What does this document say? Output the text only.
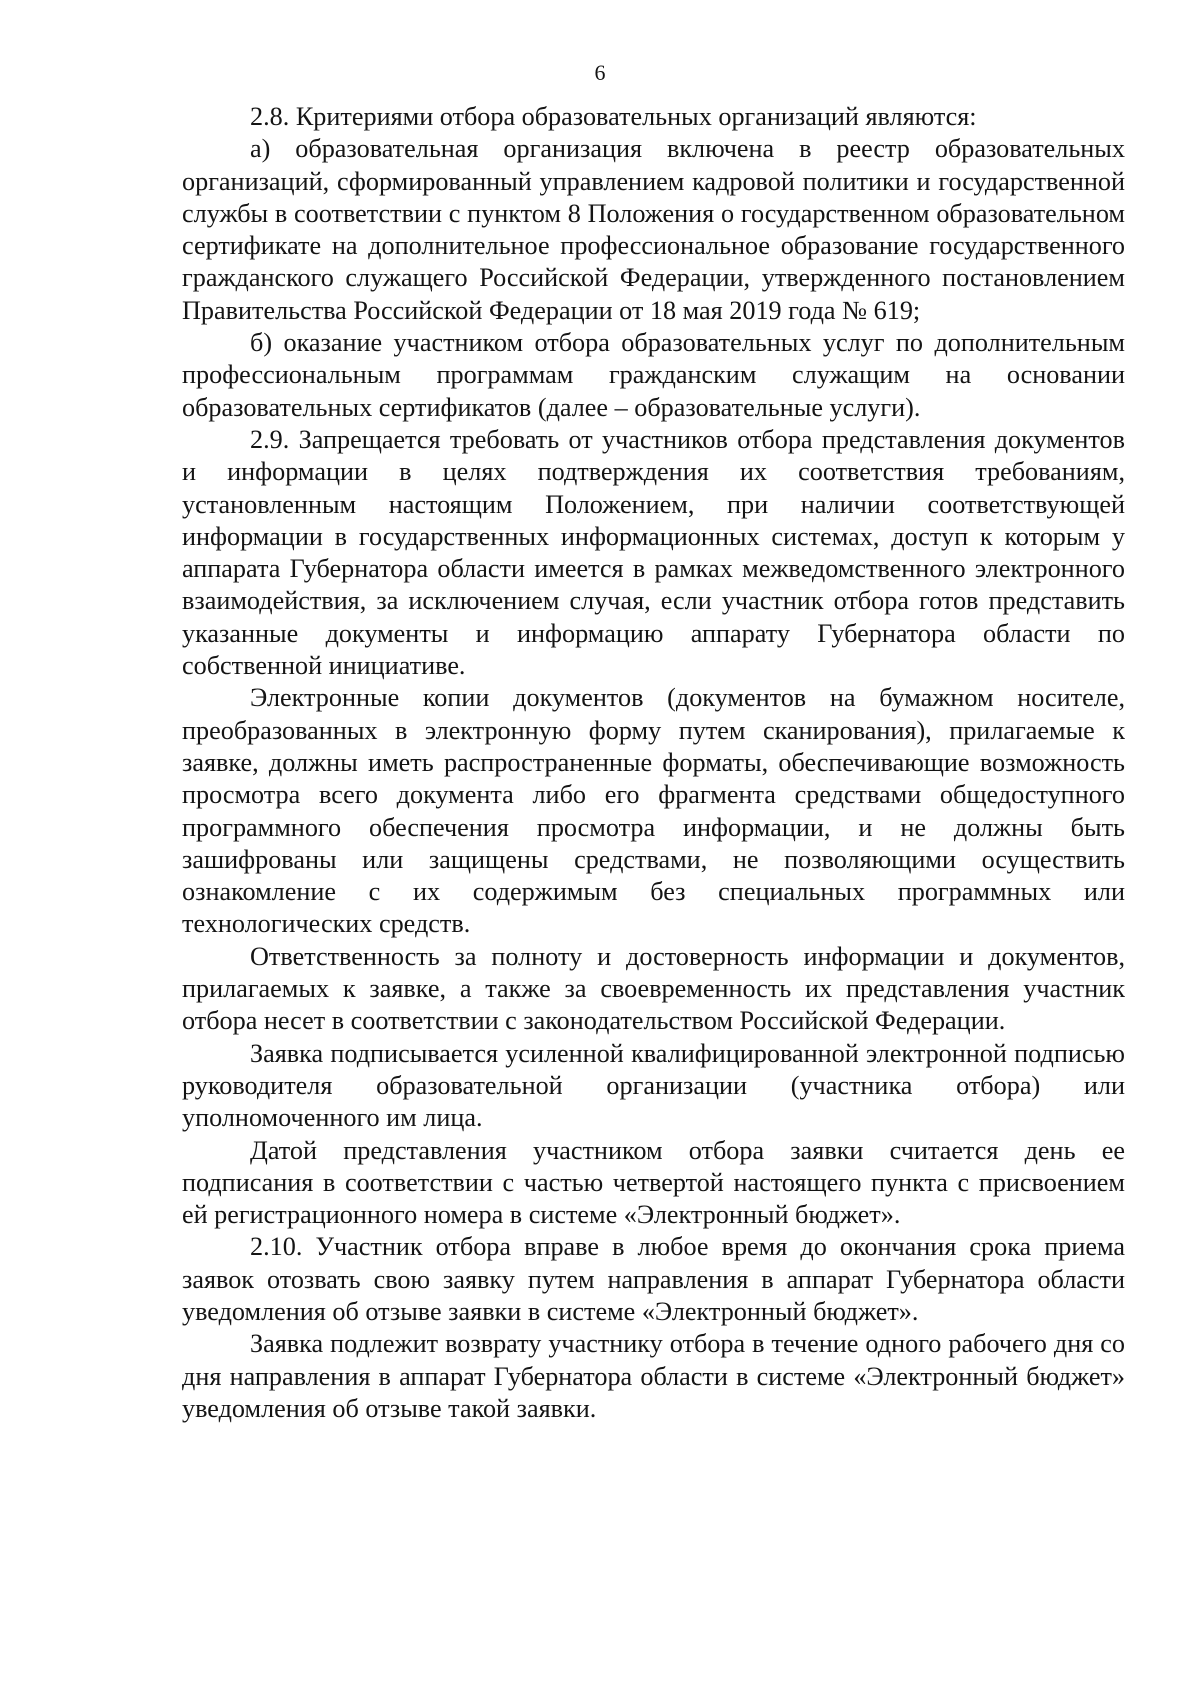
6

2.8. Критериями отбора образовательных организаций являются:

а) образовательная организация включена в реестр образовательных организаций, сформированный управлением кадровой политики и государственной службы в соответствии с пунктом 8 Положения о государственном образовательном сертификате на дополнительное профессиональное образование государственного гражданского служащего Российской Федерации, утвержденного постановлением Правительства Российской Федерации от 18 мая 2019 года № 619;

б) оказание участником отбора образовательных услуг по дополнительным профессиональным программам гражданским служащим на основании образовательных сертификатов (далее – образовательные услуги).

2.9. Запрещается требовать от участников отбора представления документов и информации в целях подтверждения их соответствия требованиям, установленным настоящим Положением, при наличии соответствующей информации в государственных информационных системах, доступ к которым у аппарата Губернатора области имеется в рамках межведомственного электронного взаимодействия, за исключением случая, если участник отбора готов представить указанные документы и информацию аппарату Губернатора области по собственной инициативе.

Электронные копии документов (документов на бумажном носителе, преобразованных в электронную форму путем сканирования), прилагаемые к заявке, должны иметь распространенные форматы, обеспечивающие возможность просмотра всего документа либо его фрагмента средствами общедоступного программного обеспечения просмотра информации, и не должны быть зашифрованы или защищены средствами, не позволяющими осуществить ознакомление с их содержимым без специальных программных или технологических средств.

Ответственность за полноту и достоверность информации и документов, прилагаемых к заявке, а также за своевременность их представления участник отбора несет в соответствии с законодательством Российской Федерации.

Заявка подписывается усиленной квалифицированной электронной подписью руководителя образовательной организации (участника отбора) или уполномоченного им лица.

Датой представления участником отбора заявки считается день ее подписания в соответствии с частью четвертой настоящего пункта с присвоением ей регистрационного номера в системе «Электронный бюджет».

2.10. Участник отбора вправе в любое время до окончания срока приема заявок отозвать свою заявку путем направления в аппарат Губернатора области уведомления об отзыве заявки в системе «Электронный бюджет».

Заявка подлежит возврату участнику отбора в течение одного рабочего дня со дня направления в аппарат Губернатора области в системе «Электронный бюджет» уведомления об отзыве такой заявки.
